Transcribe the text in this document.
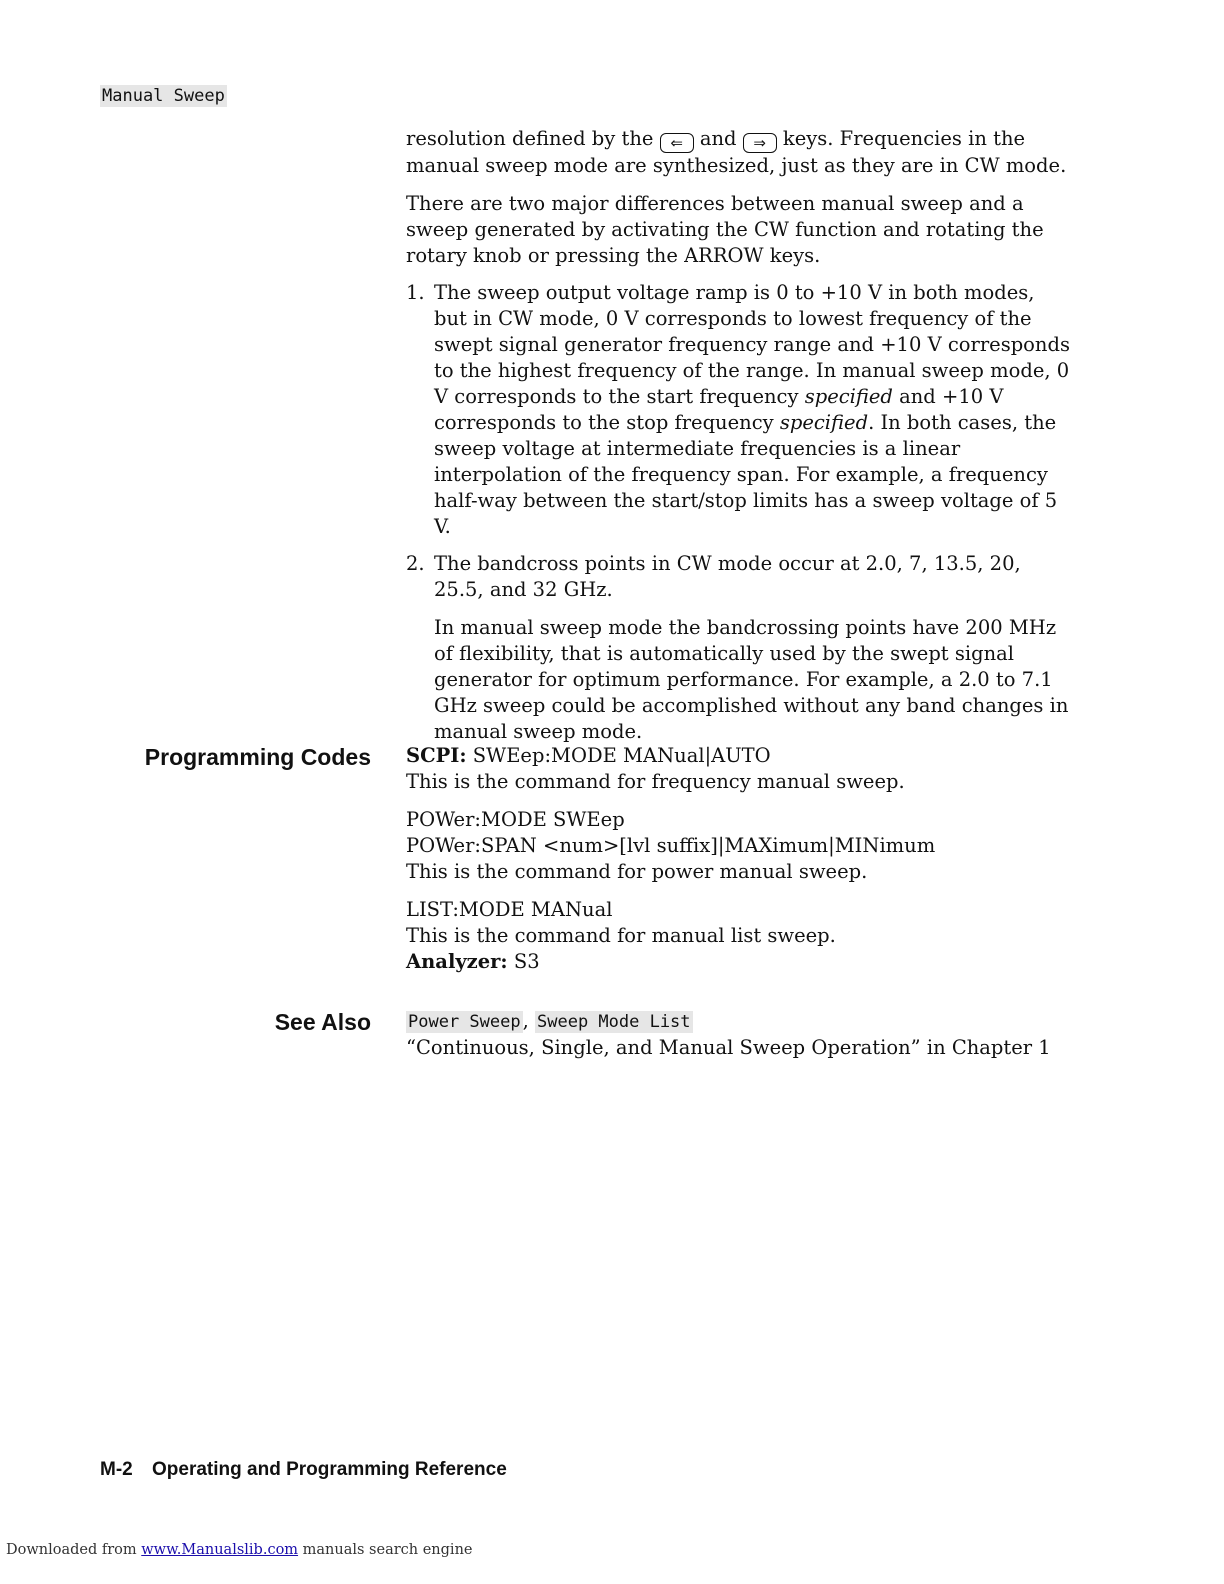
Manual Sweep

resolution defined by the ⇐ and ⇒ keys. Frequencies in the manual sweep mode are synthesized, just as they are in CW mode.

There are two major differences between manual sweep and a sweep generated by activating the CW function and rotating the rotary knob or pressing the ARROW keys.

1. The sweep output voltage ramp is 0 to +10 V in both modes, but in CW mode, 0 V corresponds to lowest frequency of the swept signal generator frequency range and +10 V corresponds to the highest frequency of the range. In manual sweep mode, 0 V corresponds to the start frequency specified and +10 V corresponds to the stop frequency specified. In both cases, the sweep voltage at intermediate frequencies is a linear interpolation of the frequency span. For example, a frequency half-way between the start/stop limits has a sweep voltage of 5 V.
2. The bandcross points in CW mode occur at 2.0, 7, 13.5, 20, 25.5, and 32 GHz.

In manual sweep mode the bandcrossing points have 200 MHz of flexibility, that is automatically used by the swept signal generator for optimum performance. For example, a 2.0 to 7.1 GHz sweep could be accomplished without any band changes in manual sweep mode.

Programming Codes SCPI: SWEep:MODE MANual|AUTO

This is the command for frequency manual sweep.

POWer:MODE SWEep

POWer:SPAN <num>[lvl suffix]|MAXimum|MINimum

This is the command for power manual sweep.

LIST:MODE MANual

This is the command for manual list sweep.

Analyzer: S3

See Also Power Sweep , Sweep Mode List

“Continuous, Single, and Manual Sweep Operation” in Chapter 1

M-2 Operating and Programming Reference
Downloaded from www.Manualslib.com manuals search engine
